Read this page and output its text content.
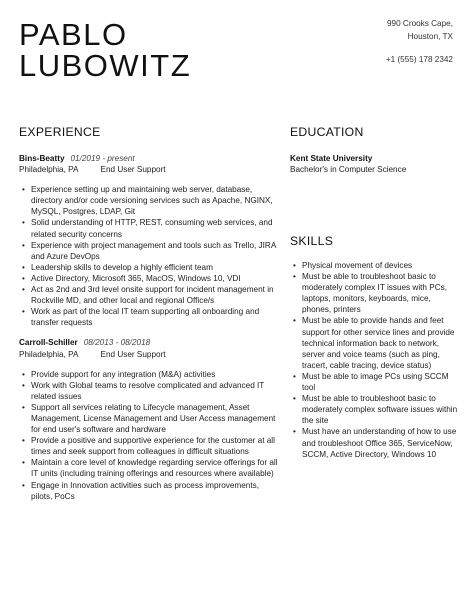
PABLO
LUBOWITZ
990 Crooks Cape,
Houston, TX
+1 (555) 178 2342
EXPERIENCE	EDUCATION
SKILLS
Bins-Beatty 01/2019 - present
Philadelphia, PA	End User Support
• Experience setting up and maintaining web server, database, directory and/or code versioning services such as Apache, NGINX, MySQL, Postgres, LDAP, Git
• Solid understanding of HTTP, REST, consuming web services, and related security concerns
• Experience with project management and tools such as Trello, JIRA and Azure DevOps
• Leadership skills to develop a highly efficient team
• Active Directory, Microsoft 365, MacOS, Windows 10, VDI
• Act as 2nd and 3rd level onsite support for incident management in Rockville MD, and other local and regional Office/s
• Work as part of the local IT team supporting all onboarding and transfer requests
Carroll-Schiller 08/2013 - 08/2018
Philadelphia, PA	End User Support
• Provide support for any integration (M&A) activities
• Work with Global teams to resolve complicated and advanced IT related issues
• Support all services relating to Lifecycle management, Asset Management, License Management and User Access management for end user's software and hardware
• Provide a positive and supportive experience for the customer at all times and seek support from colleagues in difficult situations
• Maintain a core level of knowledge regarding service offerings for all IT units (including training offerings and resources where available)
• Engage in Innovation activities such as process improvements, pilots, PoCs
Kent State University
Bachelor's in Computer Science
• Physical movement of devices
• Must be able to troubleshoot basic to moderately complex IT issues with PCs, laptops, monitors, keyboards, mice, phones, printers
• Must be able to provide hands and feet support for other service lines and provide technical information back to network, server and voice teams (such as ping, tracert, cable tracing, device status)
• Must be able to image PCs using SCCM tool
• Must be able to troubleshoot basic to moderately complex software issues within the site
• Must have an understanding of how to use and troubleshoot Office 365, ServiceNow, SCCM, Active Directory, Windows 10
